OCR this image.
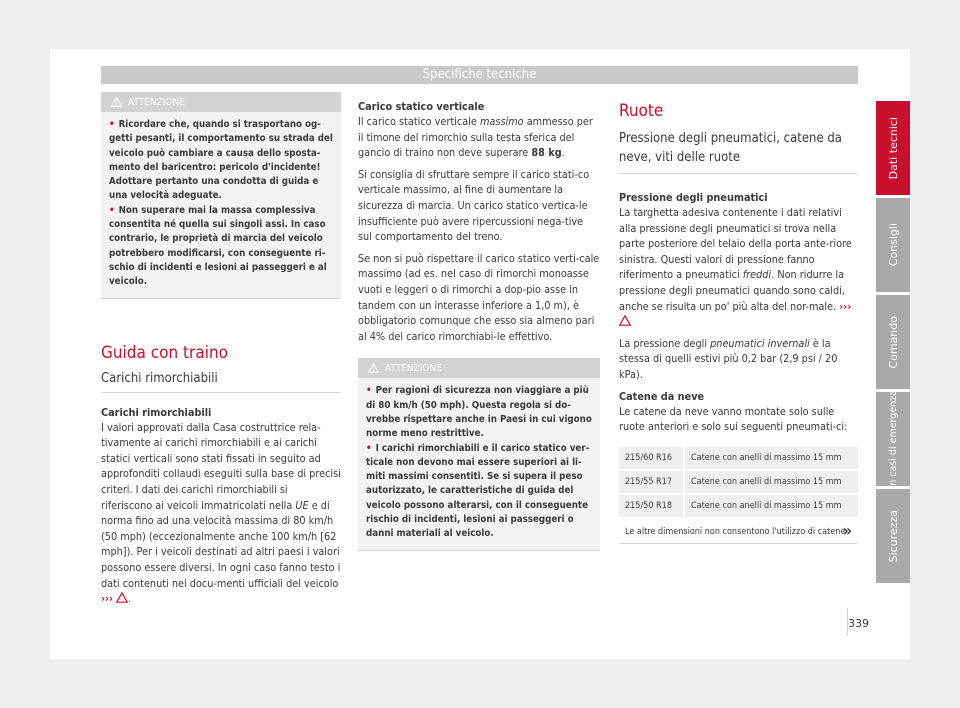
Specifiche tecniche
ATTENZIONE

• Ricordare che, quando si trasportano og-getti pesanti, il comportamento su strada del veicolo può cambiare a causa dello sposta-mento del baricentro: pericolo d'incidente! Adottare pertanto una condotta di guida e una velocità adeguate.

• Non superare mai la massa complessiva consentita né quella sui singoli assi. In caso contrario, le proprietà di marcia del veicolo potrebbero modificarsi, con conseguente ri-schio di incidenti e lesioni ai passeggeri e al veicolo.

Guida con traino
Carichi rimorchiabili
Carichi rimorchiabili

I valori approvati dalla Casa costruttrice rela-tivamente ai carichi rimorchiabili e ai carichi statici verticali sono stati fissati in seguito ad approfonditi collaudi eseguiti sulla base di precisi criteri. I dati dei carichi rimorchiabili si riferiscono ai veicoli immatricolati nella UE e di norma fino ad una velocità massima di 80 km/h (50 mph) (eccezionalmente anche 100 km/h [62 mph]). Per i veicoli destinati ad altri paesi i valori possono essere diversi. In ogni caso fanno testo i dati contenuti nei docu-menti ufficiali del veicolo ››› .

Carico statico verticale

Il carico statico verticale massimo ammesso per il timone del rimorchio sulla testa sferica del gancio di traino non deve superare 88 kg.

Si consiglia di sfruttare sempre il carico stati-co verticale massimo, al fine di aumentare la sicurezza di marcia. Un carico statico vertica-le insufficiente può avere ripercussioni nega-tive sul comportamento del treno.

Se non si può rispettare il carico statico verti-cale massimo (ad es. nel caso di rimorchi monoasse vuoti e leggeri o di rimorchi a dop-pio asse in tandem con un interasse inferiore a 1,0 m), è obbligatorio comunque che esso sia almeno pari al 4% del carico rimorchiabi-le effettivo.

ATTENZIONE

• Per ragioni di sicurezza non viaggiare a più di 80 km/h (50 mph). Questa regola si do-vrebbe rispettare anche in Paesi in cui vigono norme meno restrittive.

• I carichi rimorchiabili e il carico statico ver-ticale non devono mai essere superiori ai li-miti massimi consentiti. Se si supera il peso autorizzato, le caratteristiche di guida del veicolo possono alterarsi, con il conseguente rischio di incidenti, lesioni ai passeggeri o danni materiali al veicolo.

Ruote
Pressione degli pneumatici, catene da neve, viti delle ruote
Pressione degli pneumatici

La targhetta adesiva contenente i dati relativi alla pressione degli pneumatici si trova nella parte posteriore del telaio della porta ante-riore sinistra. Questi valori di pressione fanno riferimento a pneumatici freddi. Non ridurre la pressione degli pneumatici quando sono caldi, anche se risulta un po' più alta del nor-male. ›››

La pressione degli pneumatici invernali è la stessa di quelli estivi più 0,2 bar (2,9 psi / 20 kPa).

Catene da neve

Le catene da neve vanno montate solo sulle ruote anteriori e solo sui seguenti pneumati-ci:

215/60 R16	Catene con anelli di massimo 15 mm
215/55 R17	Catene con anelli di massimo 15 mm
215/50 R18	Catene con anelli di massimo 15 mm
Le altre dimensioni non consentono l'utilizzo di catene
»
Dati tecnici
Consigli
Comando
In casi di emergenza
Sicurezza
339
